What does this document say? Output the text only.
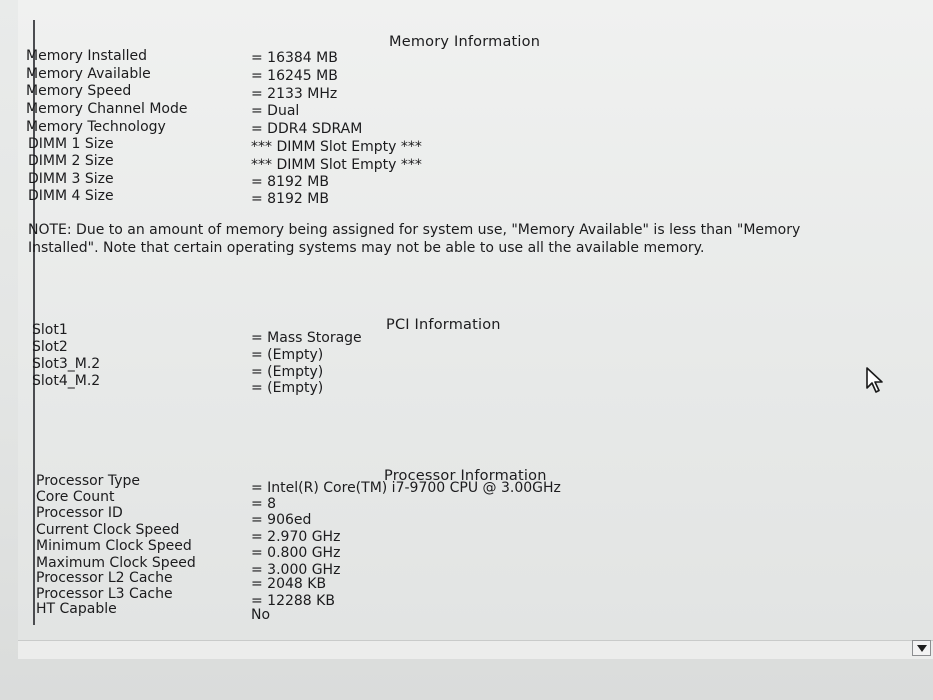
Memory Information
Memory Installed	= 16384 MB
Memory Available	= 16245 MB
Memory Speed	= 2133 MHz
Memory Channel Mode	= Dual
Memory Technology	= DDR4 SDRAM
DIMM 1 Size	*** DIMM Slot Empty ***
DIMM 2 Size	*** DIMM Slot Empty ***
DIMM 3 Size	= 8192 MB
DIMM 4 Size	= 8192 MB
NOTE: Due to an amount of memory being assigned for system use, "Memory Available" is less than "Memory Installed". Note that certain operating systems may not be able to use all the available memory.
PCI Information
Slot1	= Mass Storage
Slot2	= (Empty)
Slot3_M.2	= (Empty)
Slot4_M.2	= (Empty)
Processor Information
Processor Type	= Intel(R) Core(TM) i7-9700 CPU @ 3.00GHz
Core Count	= 8
Processor ID	= 906ed
Current Clock Speed	= 2.970 GHz
Minimum Clock Speed	= 0.800 GHz
Maximum Clock Speed	= 3.000 GHz
Processor L2 Cache	= 2048 KB
Processor L3 Cache	= 12288 KB
HT Capable	No
